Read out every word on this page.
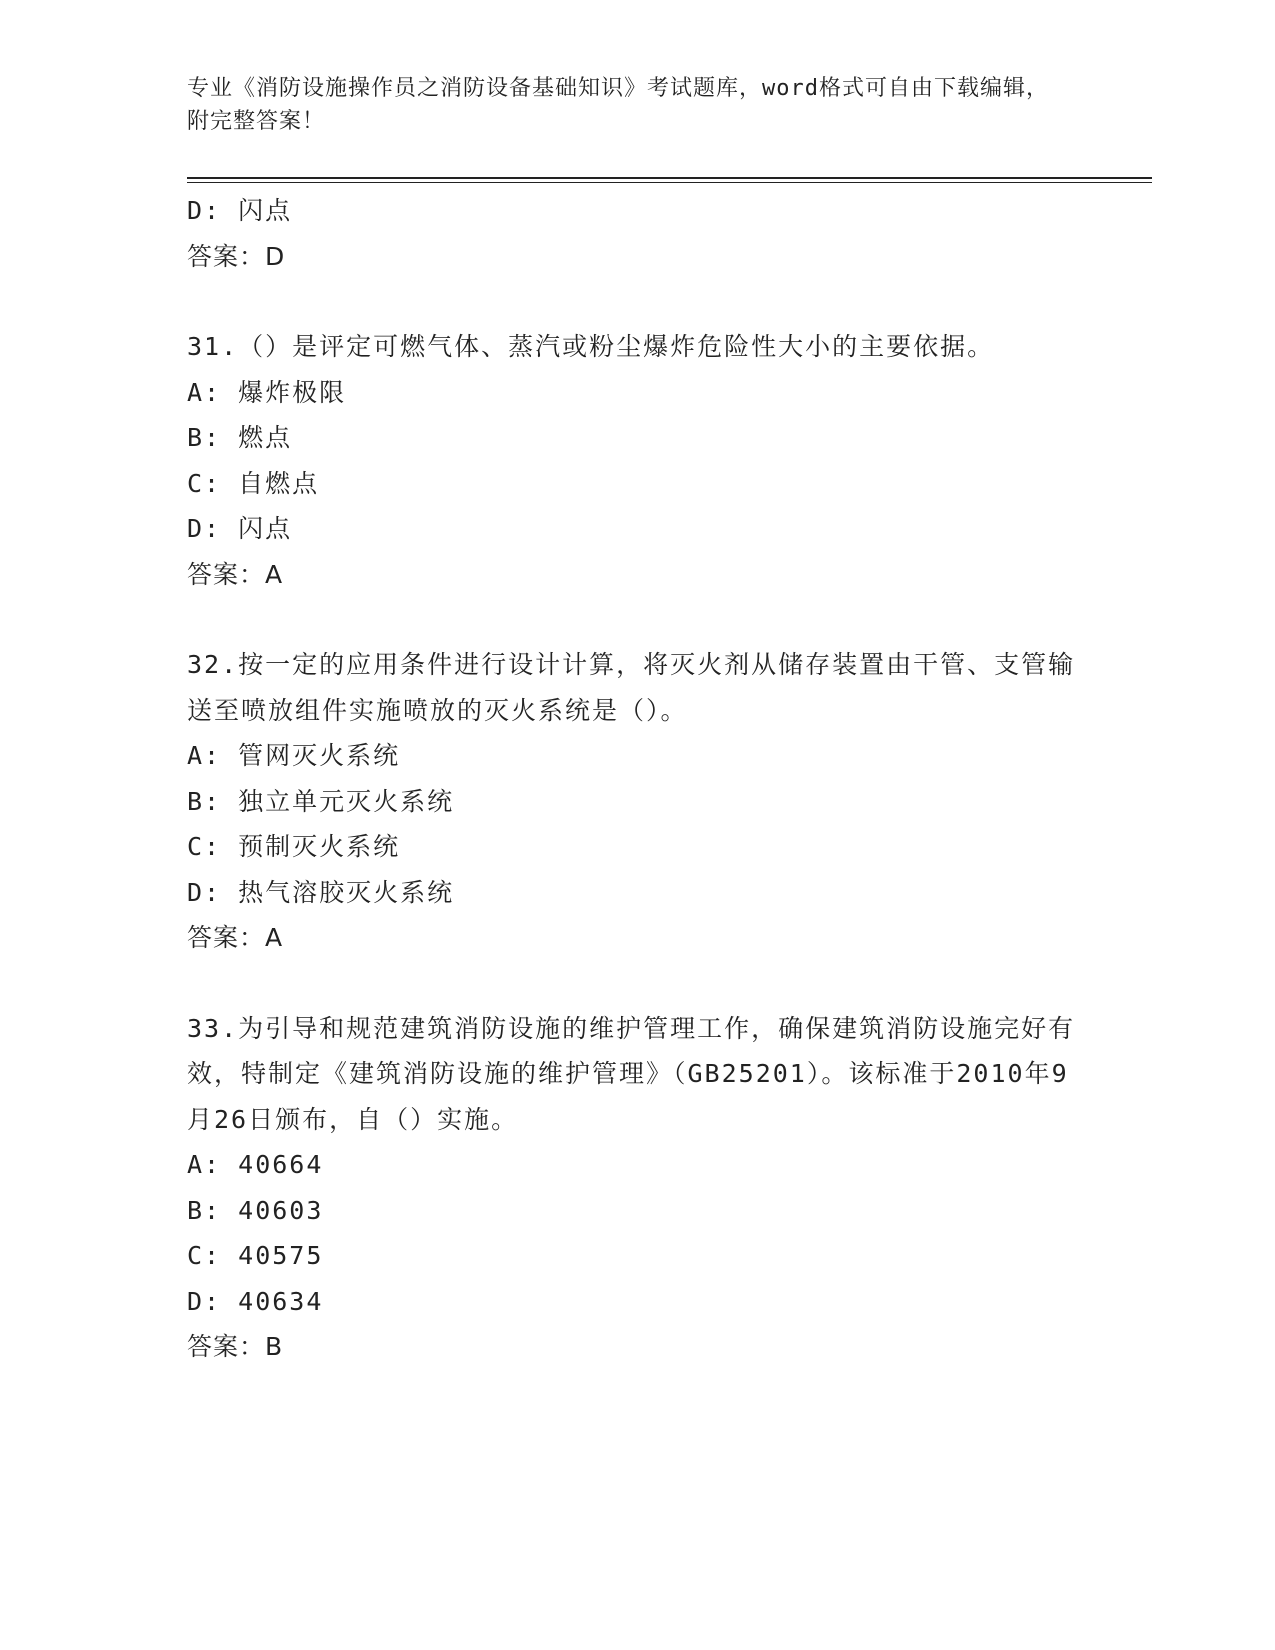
专业《消防设施操作员之消防设备基础知识》考试题库，word格式可自由下载编辑，附完整答案！
D: 闪点
答案：D
31.（）是评定可燃气体、蒸汽或粉尘爆炸危险性大小的主要依据。
A: 爆炸极限
B: 燃点
C: 自燃点
D: 闪点
答案：A
32.按一定的应用条件进行设计计算，将灭火剂从储存装置由干管、支管输送至喷放组件实施喷放的灭火系统是（）。
A: 管网灭火系统
B: 独立单元灭火系统
C: 预制灭火系统
D: 热气溶胶灭火系统
答案：A
33.为引导和规范建筑消防设施的维护管理工作，确保建筑消防设施完好有效，特制定《建筑消防设施的维护管理》（GB25201）。该标准于2010年9月26日颁布，自（）实施。
A: 40664
B: 40603
C: 40575
D: 40634
答案：B
